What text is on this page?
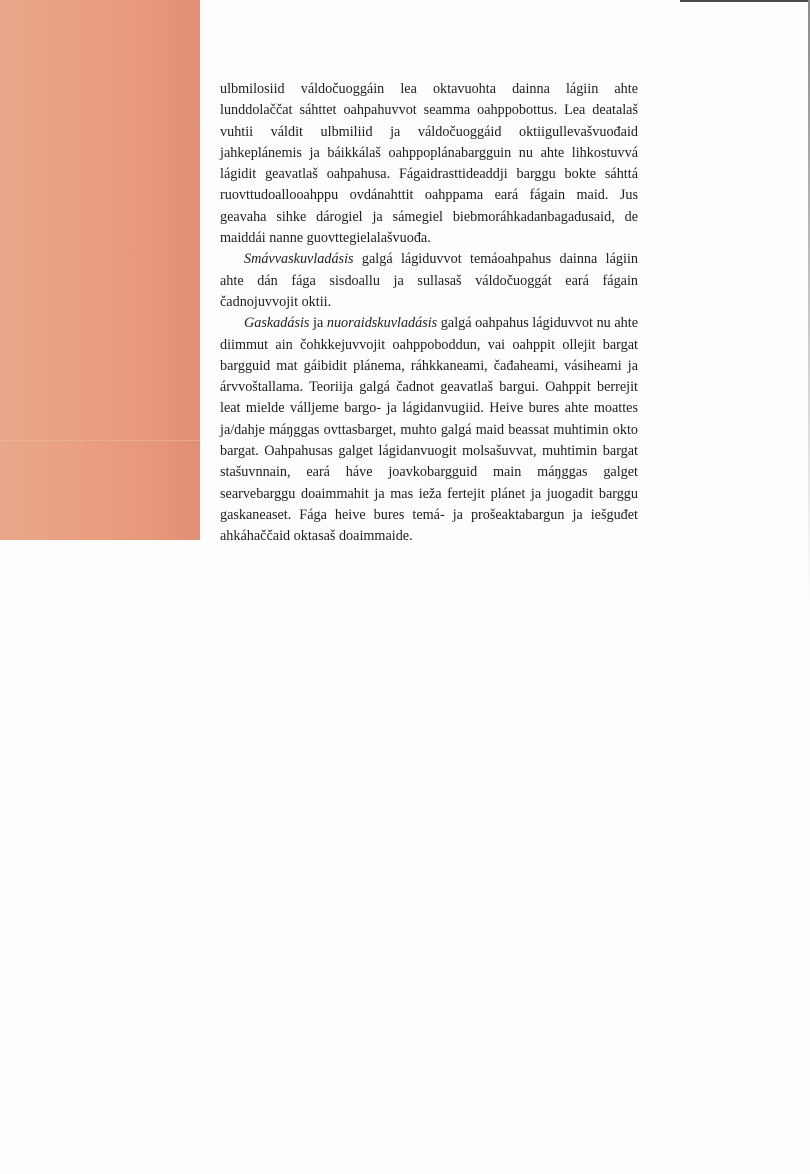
ulbmilosiid váldočuoggáin lea oktavuohta dainna lágiin ahte lunddolaččat sáhttet oahpahuvvot seamma oahppobottus. Lea deatalaš vuhtii váldit ulbmiliid ja váldočuoggáid oktiigullevašvuođaid jahkeplánemis ja báikkálaš oahppoplánabargguin nu ahte lihkostuvvá lágidit geavatlaš oahpahusa. Fágaidrasttideaddji barggu bokte sáhttá ruovttudoallooahppu ovdánahttit oahppama eará fágain maid. Jus geavaha sihke dárogiel ja sámegiel biebmoráhkadanbagadusaid, de maiddái nanne guovttegielalašvuođa.

Smávvaskuvladásis galgá lágiduvvot temáoahpahus dainna lágiin ahte dán fága sisdoallu ja sullasaš váldočuoggát eará fágain čadnojuvvojit oktii.

Gaskadásis ja nuoraidskuvladásis galgá oahpahus lágiduvvot nu ahte diimmut ain čohkkejuvvojit oahppoboddun, vai oahppit ollejit bargat bargguid mat gáibidit plánema, ráhkkaneami, čađaheami, vásiheami ja árvvoštallama. Teoriija galgá čadnot geavatlaš bargui. Oahppit berrejit leat mielde vállјeme bargo- ja lágidanvugiid. Heive bures ahte moattes ja/dahje máŋggas ovttasbarget, muhto galgá maid beassat muhtimin okto bargat. Oahpahusas galget lágidanvuogit molsašuvvat, muhtimin bargat stašuvnnain, eará háve joavkobargguid main máŋggas galget searvebarggu doaimmahit ja mas ieža fertejit plánet ja juogadit barggu gaskaneaset. Fága heive bures temá- ja prošeaktabargun ja iešguđet ahkáhaččaid oktasaš doaimmaide.
